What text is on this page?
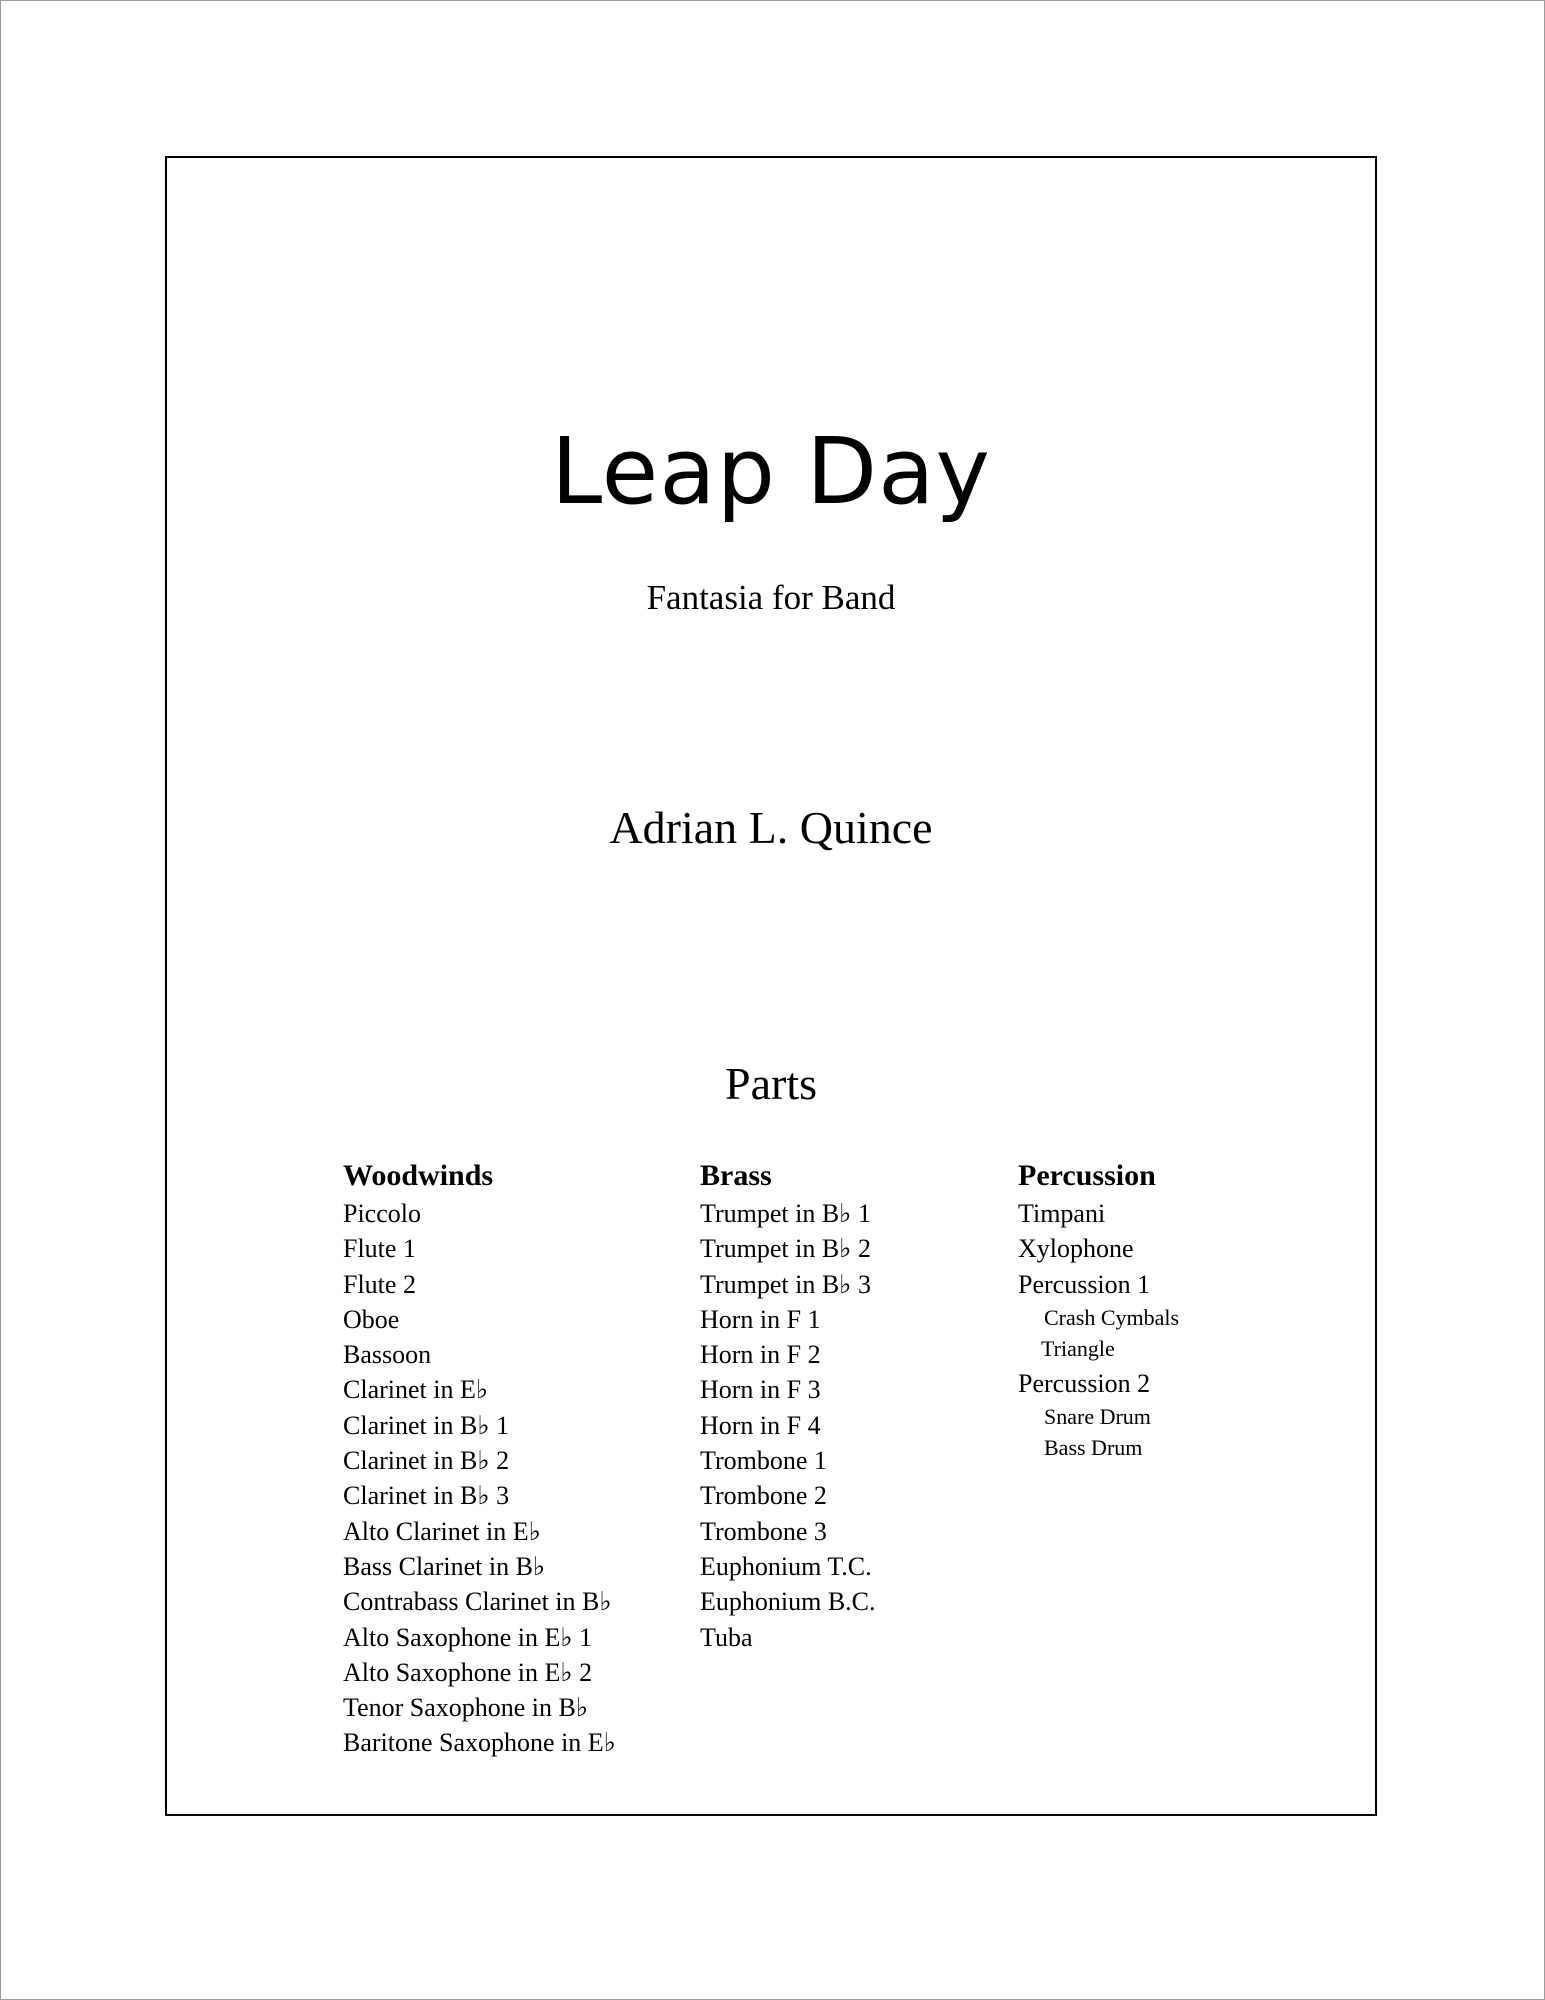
Leap Day
Fantasia for Band
Adrian L. Quince
Parts
Woodwinds
Piccolo
Flute 1
Flute 2
Oboe
Bassoon
Clarinet in E♭
Clarinet in B♭ 1
Clarinet in B♭ 2
Clarinet in B♭ 3
Alto Clarinet in E♭
Bass Clarinet in B♭
Contrabass Clarinet in B♭
Alto Saxophone in E♭ 1
Alto Saxophone in E♭ 2
Tenor Saxophone in B♭
Baritone Saxophone in E♭
Brass
Trumpet in B♭ 1
Trumpet in B♭ 2
Trumpet in B♭ 3
Horn in F 1
Horn in F 2
Horn in F 3
Horn in F 4
Trombone 1
Trombone 2
Trombone 3
Euphonium T.C.
Euphonium B.C.
Tuba
Percussion
Timpani
Xylophone
Percussion 1
Crash Cymbals
Triangle
Percussion 2
Snare Drum
Bass Drum
